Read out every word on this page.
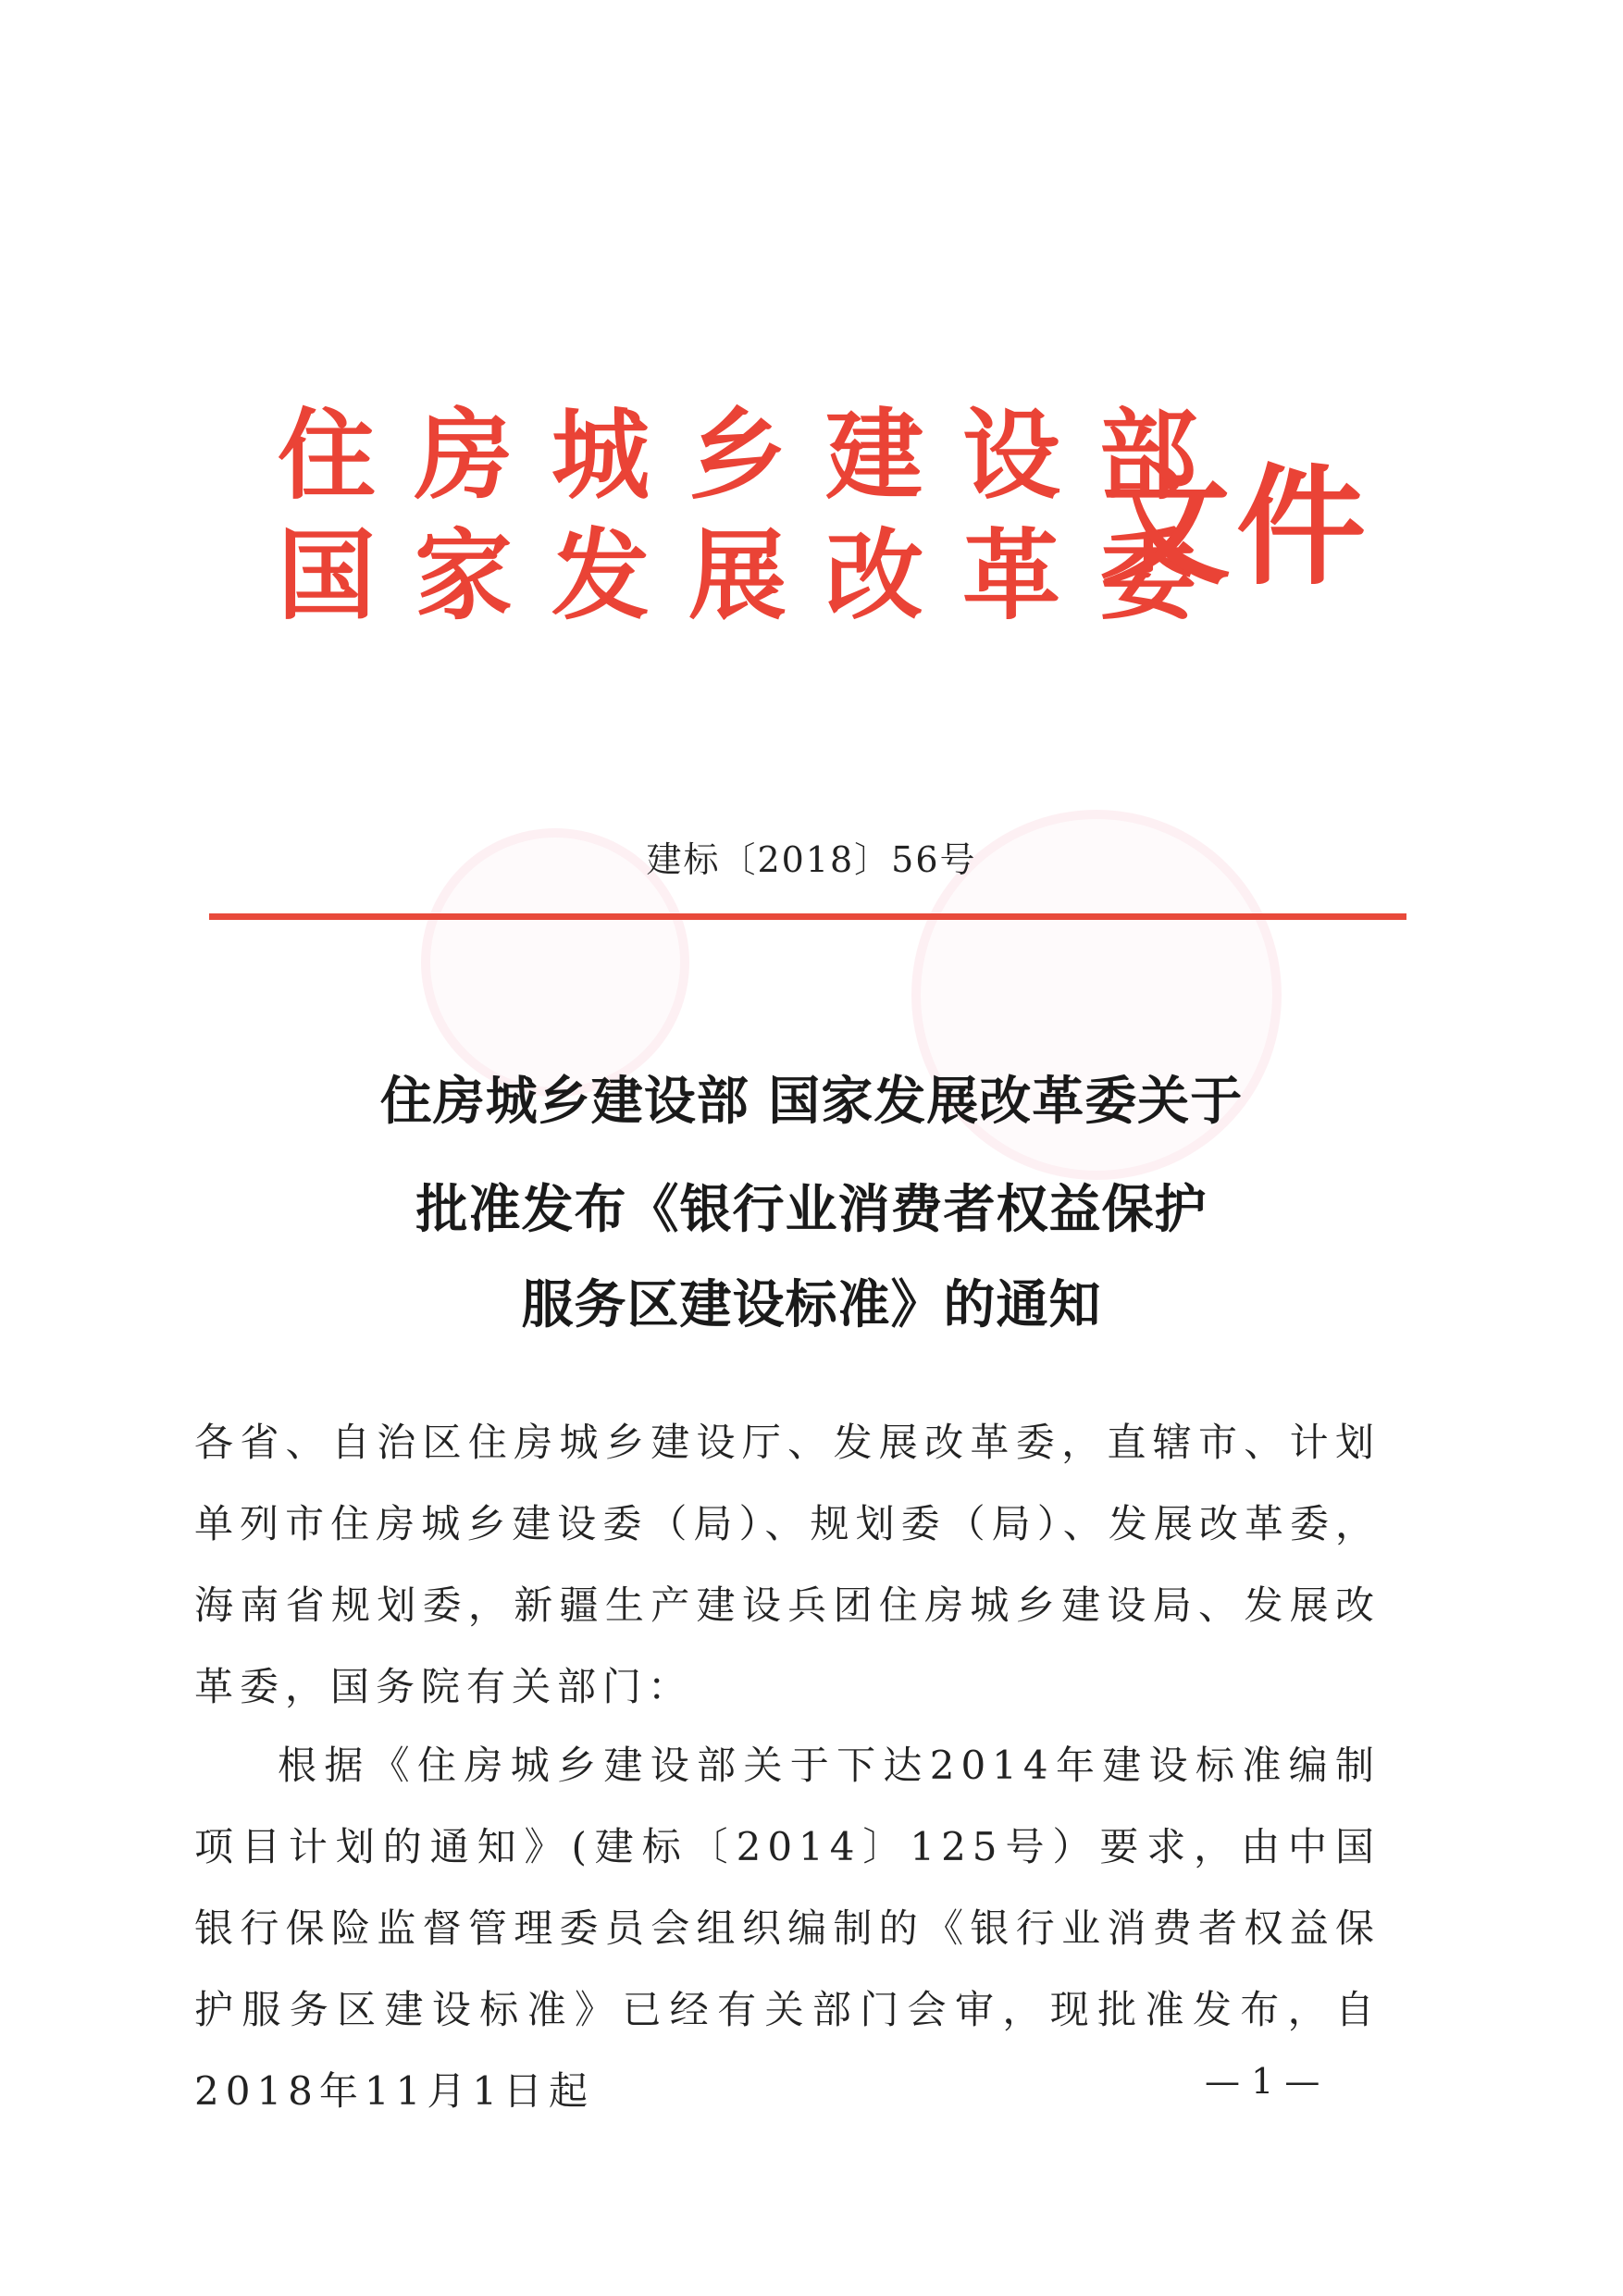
住房城乡建设部
国家发展改革委
文件
建标〔2018〕56号
住房城乡建设部 国家发展改革委关于
批准发布《银行业消费者权益保护
服务区建设标准》的通知
各省、自治区住房城乡建设厅、发展改革委，直辖市、计划单列市住房城乡建设委（局）、规划委（局）、发展改革委，海南省规划委，新疆生产建设兵团住房城乡建设局、发展改革委，国务院有关部门：
根据《住房城乡建设部关于下达2014年建设标准编制项目计划的通知》(建标〔2014〕125号）要求，由中国银行保险监督管理委员会组织编制的《银行业消费者权益保护服务区建设标准》已经有关部门会审，现批准发布，自2018年11月1日起	— 1 —
